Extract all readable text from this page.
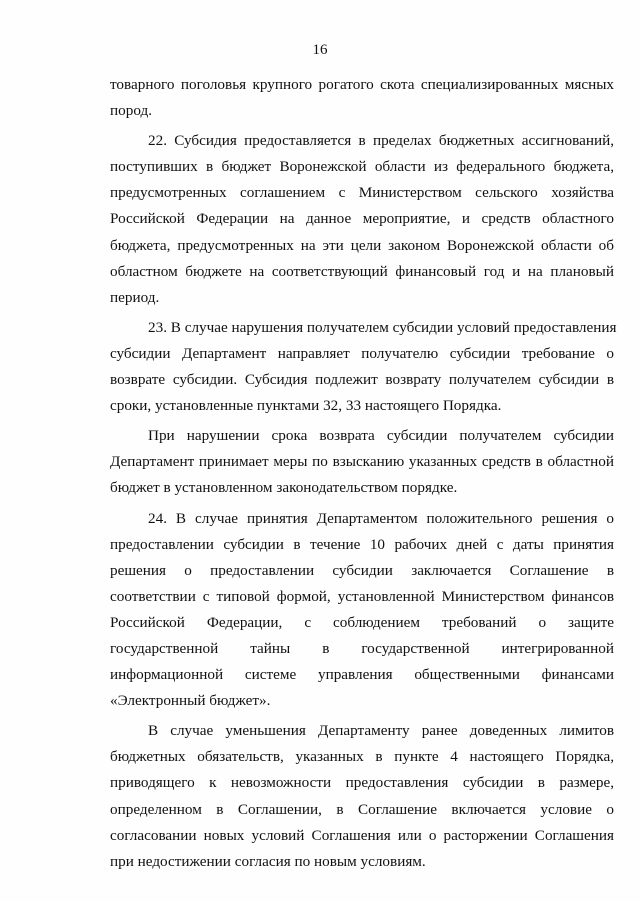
16
товарного поголовья крупного рогатого скота специализированных мясных
пород.
22. Субсидия предоставляется в пределах бюджетных ассигнований,
поступивших в бюджет Воронежской области из федерального бюджета,
предусмотренных соглашением с Министерством сельского хозяйства
Российской Федерации на данное мероприятие, и средств областного
бюджета, предусмотренных на эти цели законом Воронежской области об
областном бюджете на соответствующий финансовый год и на плановый
период.
23. В случае нарушения получателем субсидии условий предоставления
субсидии Департамент направляет получателю субсидии требование о
возврате субсидии. Субсидия подлежит возврату получателем субсидии в
сроки, установленные пунктами 32, 33 настоящего Порядка.
При нарушении срока возврата субсидии получателем субсидии
Департамент принимает меры по взысканию указанных средств в областной
бюджет в установленном законодательством порядке.
24. В случае принятия Департаментом положительного решения о
предоставлении субсидии в течение 10 рабочих дней с даты принятия
решения о предоставлении субсидии заключается Соглашение в
соответствии с типовой формой, установленной Министерством финансов
Российской Федерации, с соблюдением требований о защите
государственной тайны в государственной интегрированной
информационной системе управления общественными финансами
«Электронный бюджет».
В случае уменьшения Департаменту ранее доведенных лимитов
бюджетных обязательств, указанных в пункте 4 настоящего Порядка,
приводящего к невозможности предоставления субсидии в размере,
определенном в Соглашении, в Соглашение включается условие о
согласовании новых условий Соглашения или о расторжении Соглашения
при недостижении согласия по новым условиям.
